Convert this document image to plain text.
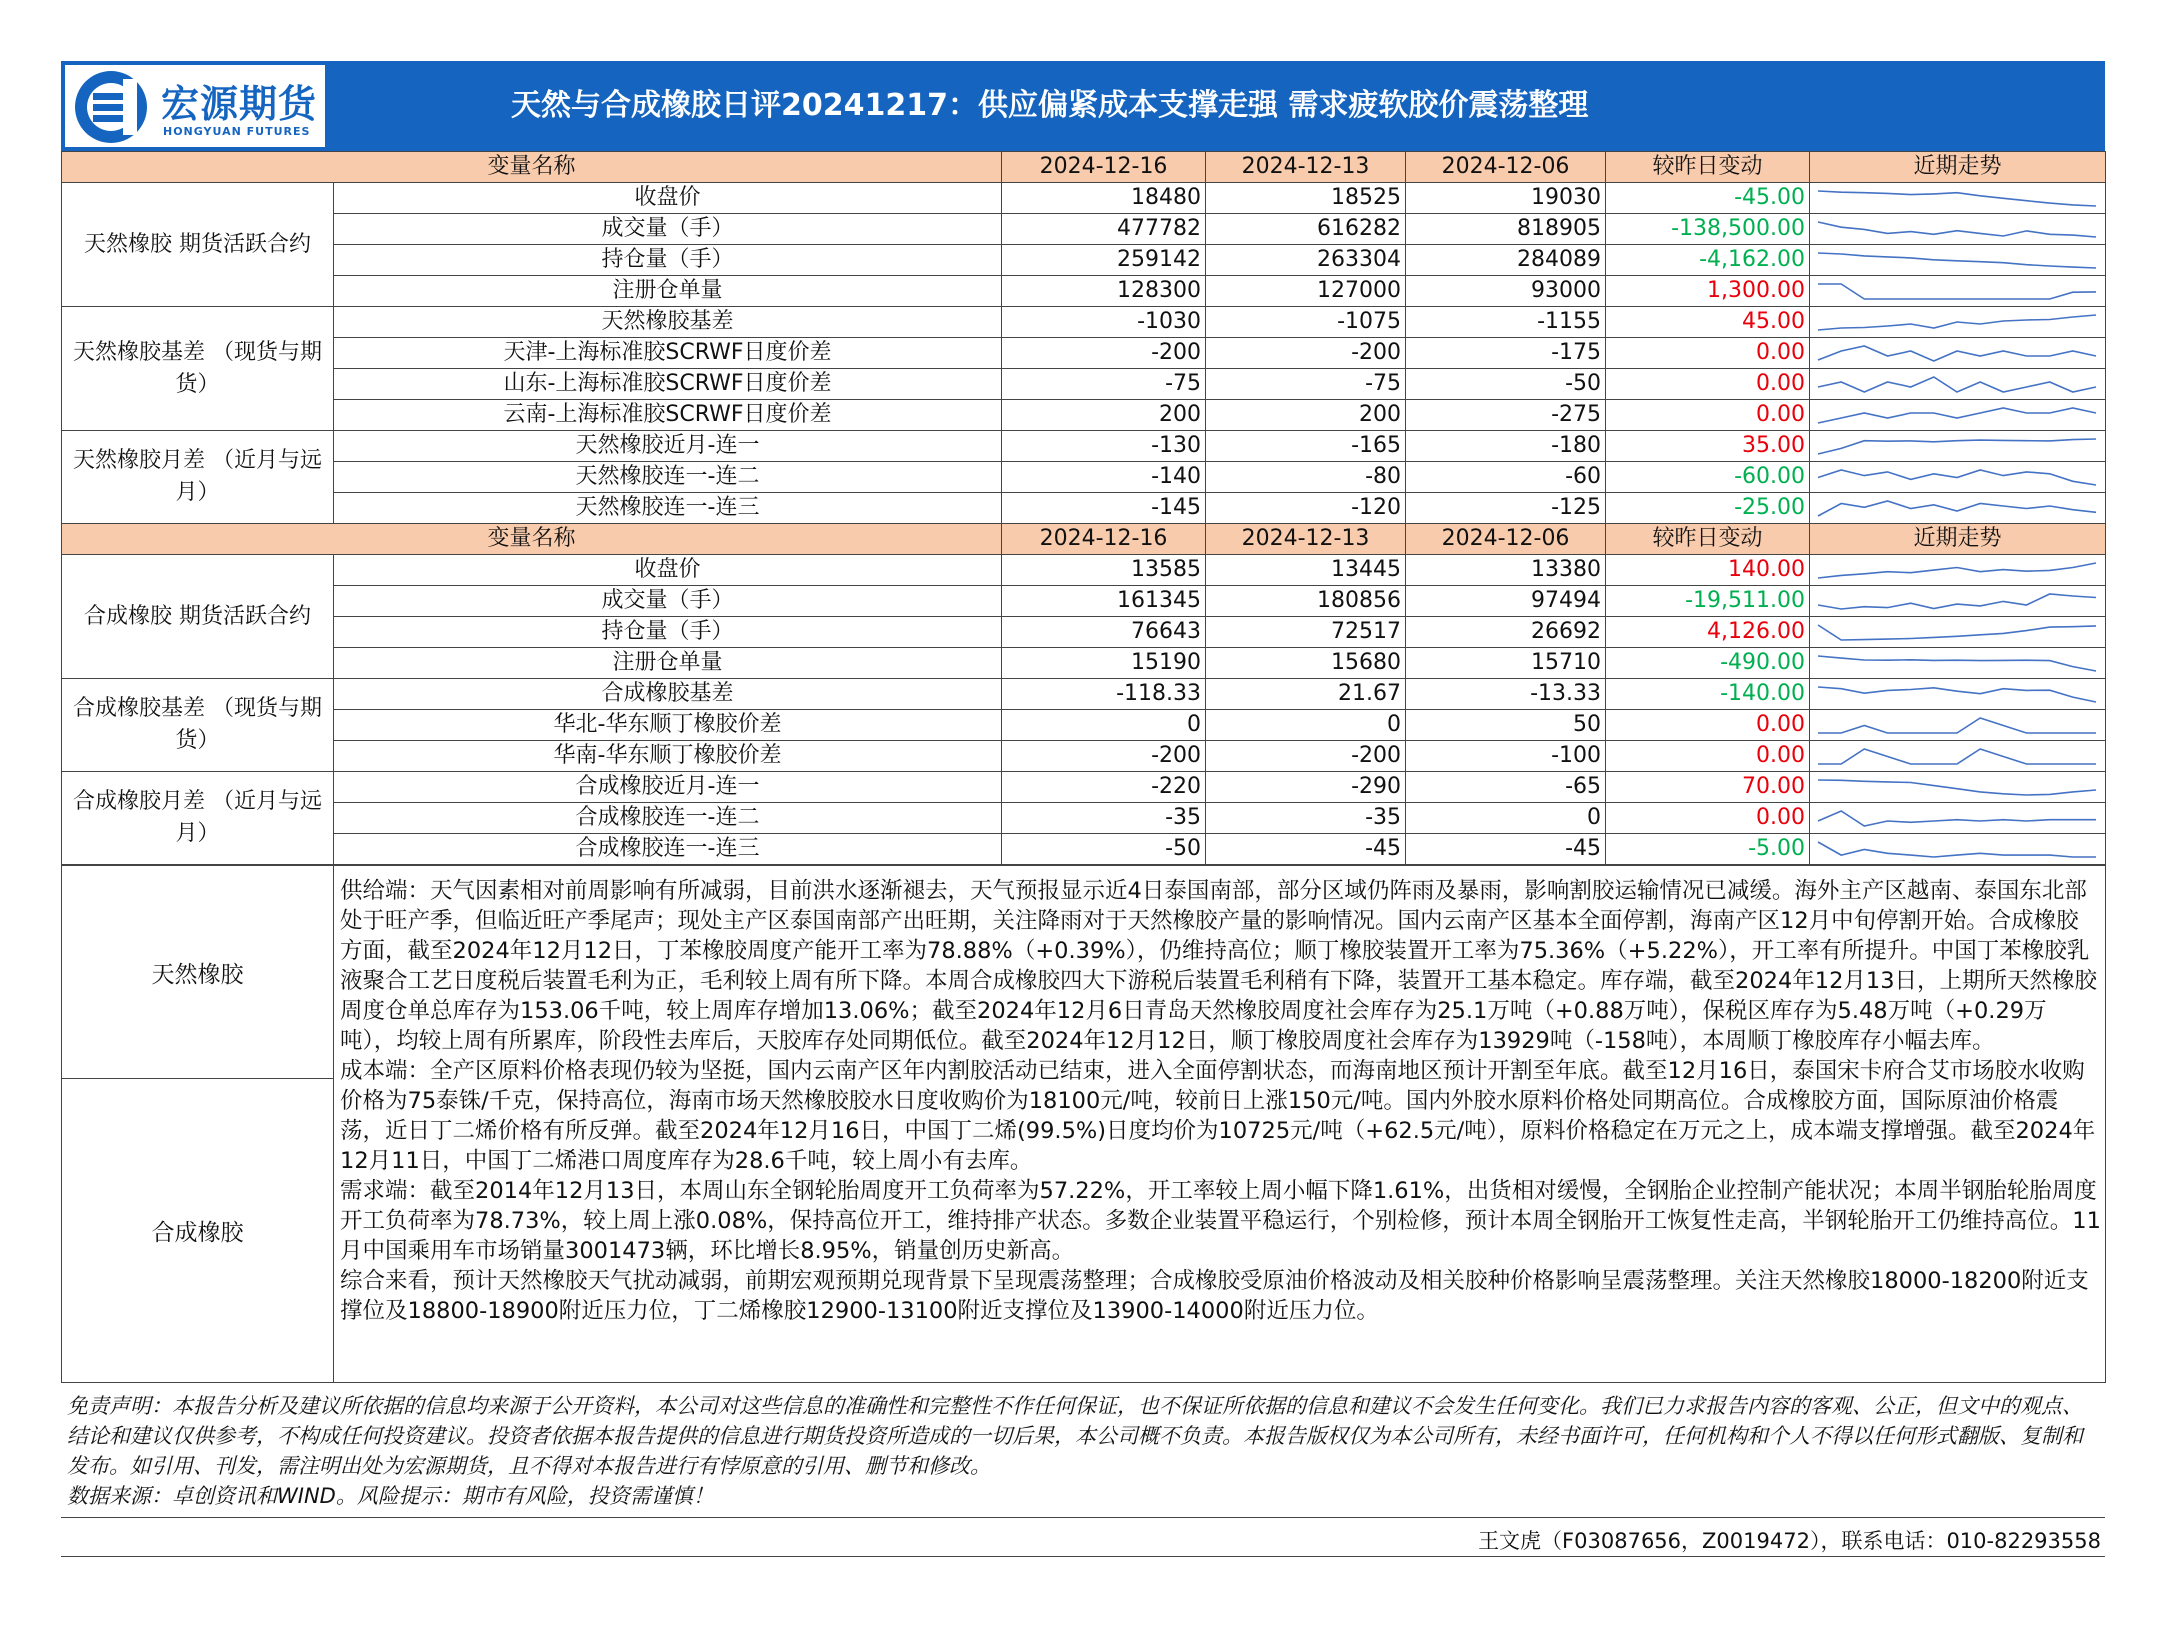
宏源期货
HONGYUAN FUTURES
天然与合成橡胶日评20241217：供应偏紧成本支撑走强 需求疲软胶价震荡整理
变量名称		2024-12-16	2024-12-13	2024-12-06	较昨日变动	近期走势
天然橡胶 期货活跃合约	收盘价	18480	18525	19030	-45.00	

	成交量（手）	477782	616282	818905	-138,500.00	

	持仓量（手）	259142	263304	284089	-4,162.00	

	注册仓单量	128300	127000	93000	1,300.00	

天然橡胶基差 （现货与期货）	天然橡胶基差	-1030	-1075	-1155	45.00	

	天津-上海标准胶SCRWF日度价差	-200	-200	-175	0.00	

	山东-上海标准胶SCRWF日度价差	-75	-75	-50	0.00	

	云南-上海标准胶SCRWF日度价差	200	200	-275	0.00	

天然橡胶月差 （近月与远月）	天然橡胶近月-连一	-130	-165	-180	35.00	

	天然橡胶连一-连二	-140	-80	-60	-60.00	

	天然橡胶连一-连三	-145	-120	-125	-25.00	

变量名称		2024-12-16	2024-12-13	2024-12-06	较昨日变动	近期走势
合成橡胶 期货活跃合约	收盘价	13585	13445	13380	140.00	

	成交量（手）	161345	180856	97494	-19,511.00	

	持仓量（手）	76643	72517	26692	4,126.00	

	注册仓单量	15190	15680	15710	-490.00	

合成橡胶基差 （现货与期货）	合成橡胶基差	-118.33	21.67	-13.33	-140.00	

	华北-华东顺丁橡胶价差	0	0	50	0.00	

	华南-华东顺丁橡胶价差	-200	-200	-100	0.00	

合成橡胶月差 （近月与远月）	合成橡胶近月-连一	-220	-290	-65	70.00	

	合成橡胶连一-连二	-35	-35	0	0.00	

	合成橡胶连一-连三	-50	-45	-45	-5.00	
天然橡胶	

供给端：天气因素相对前周影响有所减弱，目前洪水逐渐褪去，天气预报显示近4日泰国南部，部分区域仍阵雨及暴雨，影响割胶运输情况已减缓。海外主产区越南、泰国东北部处于旺产季，但临近旺产季尾声；现处主产区泰国南部产出旺期，关注降雨对于天然橡胶产量的影响情况。国内云南产区基本全面停割，海南产区12月中旬停割开始。合成橡胶方面，截至2024年12月12日，丁苯橡胶周度产能开工率为78.88%（+0.39%），仍维持高位；顺丁橡胶装置开工率为75.36%（+5.22%），开工率有所提升。中国丁苯橡胶乳液聚合工艺日度税后装置毛利为正，毛利较上周有所下降。本周合成橡胶四大下游税后装置毛利稍有下降，装置开工基本稳定。库存端，截至2024年12月13日，上期所天然橡胶周度仓单总库存为153.06千吨，较上周库存增加13.06%；截至2024年12月6日青岛天然橡胶周度社会库存为25.1万吨（+0.88万吨），保税区库存为5.48万吨（+0.29万吨），均较上周有所累库，阶段性去库后，天胶库存处同期低位。截至2024年12月12日，顺丁橡胶周度社会库存为13929吨（-158吨），本周顺丁橡胶库存小幅去库。

成本端：全产区原料价格表现仍较为坚挺，国内云南产区年内割胶活动已结束，进入全面停割状态，而海南地区预计开割至年底。截至12月16日，泰国宋卡府合艾市场胶水收购价格为75泰铢/千克，保持高位，海南市场天然橡胶胶水日度收购价为18100元/吨，较前日上涨150元/吨。国内外胶水原料价格处同期高位。合成橡胶方面，国际原油价格震荡，近日丁二烯价格有所反弹。截至2024年12月16日，中国丁二烯(99.5%)日度均价为10725元/吨（+62.5元/吨），原料价格稳定在万元之上，成本端支撑增强。截至2024年12月11日，中国丁二烯港口周度库存为28.6千吨，较上周小有去库。

需求端：截至2014年12月13日，本周山东全钢轮胎周度开工负荷率为57.22%，开工率较上周小幅下降1.61%，出货相对缓慢，全钢胎企业控制产能状况；本周半钢胎轮胎周度开工负荷率为78.73%，较上周上涨0.08%，保持高位开工，维持排产状态。多数企业装置平稳运行，个别检修，预计本周全钢胎开工恢复性走高，半钢轮胎开工仍维持高位。11月中国乘用车市场销量3001473辆，环比增长8.95%，销量创历史新高。

综合来看，预计天然橡胶天气扰动减弱，前期宏观预期兑现背景下呈现震荡整理；合成橡胶受原油价格波动及相关胶种价格影响呈震荡整理。关注天然橡胶18000-18200附近支撑位及18800-18900附近压力位，丁二烯橡胶12900-13100附近支撑位及13900-14000附近压力位。

合成橡胶

免责声明：本报告分析及建议所依据的信息均来源于公开资料，本公司对这些信息的准确性和完整性不作任何保证，也不保证所依据的信息和建议不会发生任何变化。我们已力求报告内容的客观、公正，但文中的观点、结论和建议仅供参考，不构成任何投资建议。投资者依据本报告提供的信息进行期货投资所造成的一切后果，本公司概不负责。本报告版权仅为本公司所有，未经书面许可，任何机构和个人不得以任何形式翻版、复制和发布。如引用、刊发，需注明出处为宏源期货，且不得对本报告进行有悖原意的引用、删节和修改。

数据来源：卓创资讯和WIND。风险提示：期市有风险，投资需谨慎！

王文虎（F03087656，Z0019472），联系电话：010-82293558
